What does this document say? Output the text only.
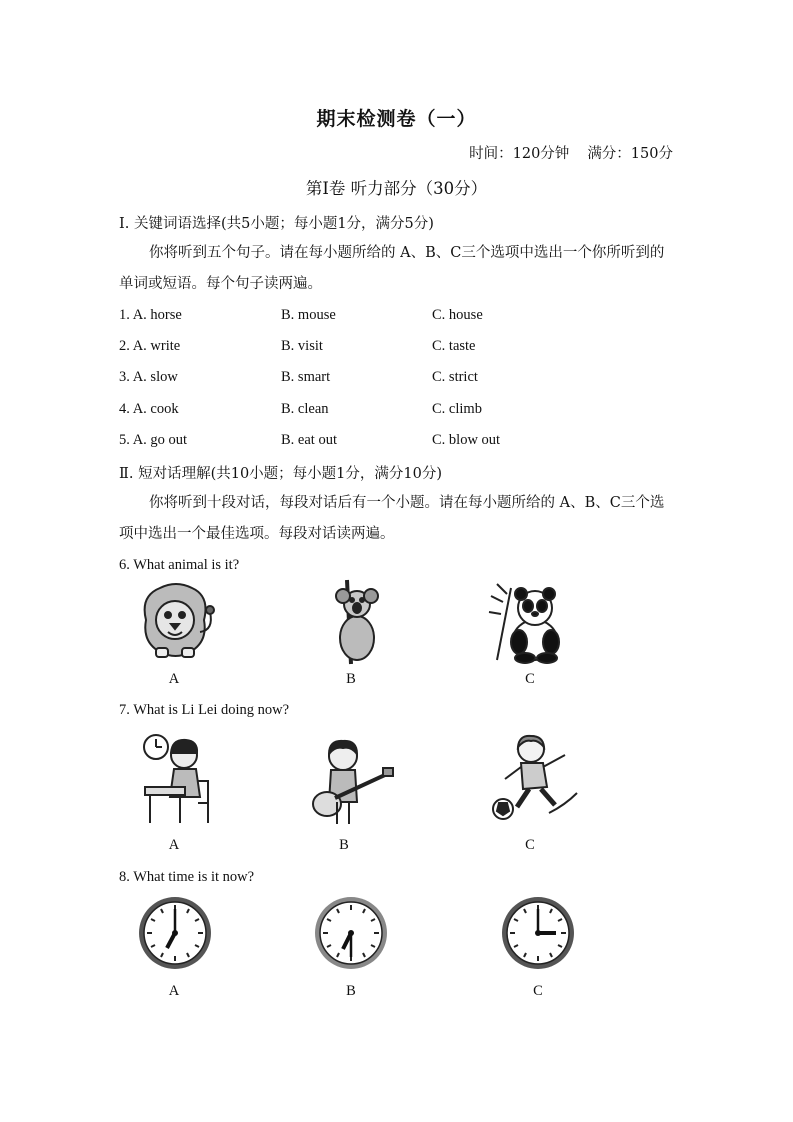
期末检测卷（一）
时间：120分钟 满分：150分
第Ⅰ卷 听力部分（30分）
Ⅰ. 关键词语选择(共5小题；每小题1分，满分5分)
你将听到五个句子。请在每小题所给的 A、B、C三个选项中选出一个你所听到的单词或短语。每个句子读两遍。
1. A. horse	B. mouse	C. house
2. A. write	B. visit	C. taste
3. A. slow	B. smart	C. strict
4. A. cook	B. clean	C. climb
5. A. go out	B. eat out	C. blow out
Ⅱ. 短对话理解(共10小题；每小题1分，满分10分)
你将听到十段对话，每段对话后有一个小题。请在每小题所给的 A、B、C三个选项中选出一个最佳选项。每段对话读两遍。
6. What animal is it?
A	B	C
7. What is Li Lei doing now?
A	B	C
8. What time is it now?
A	B	C
